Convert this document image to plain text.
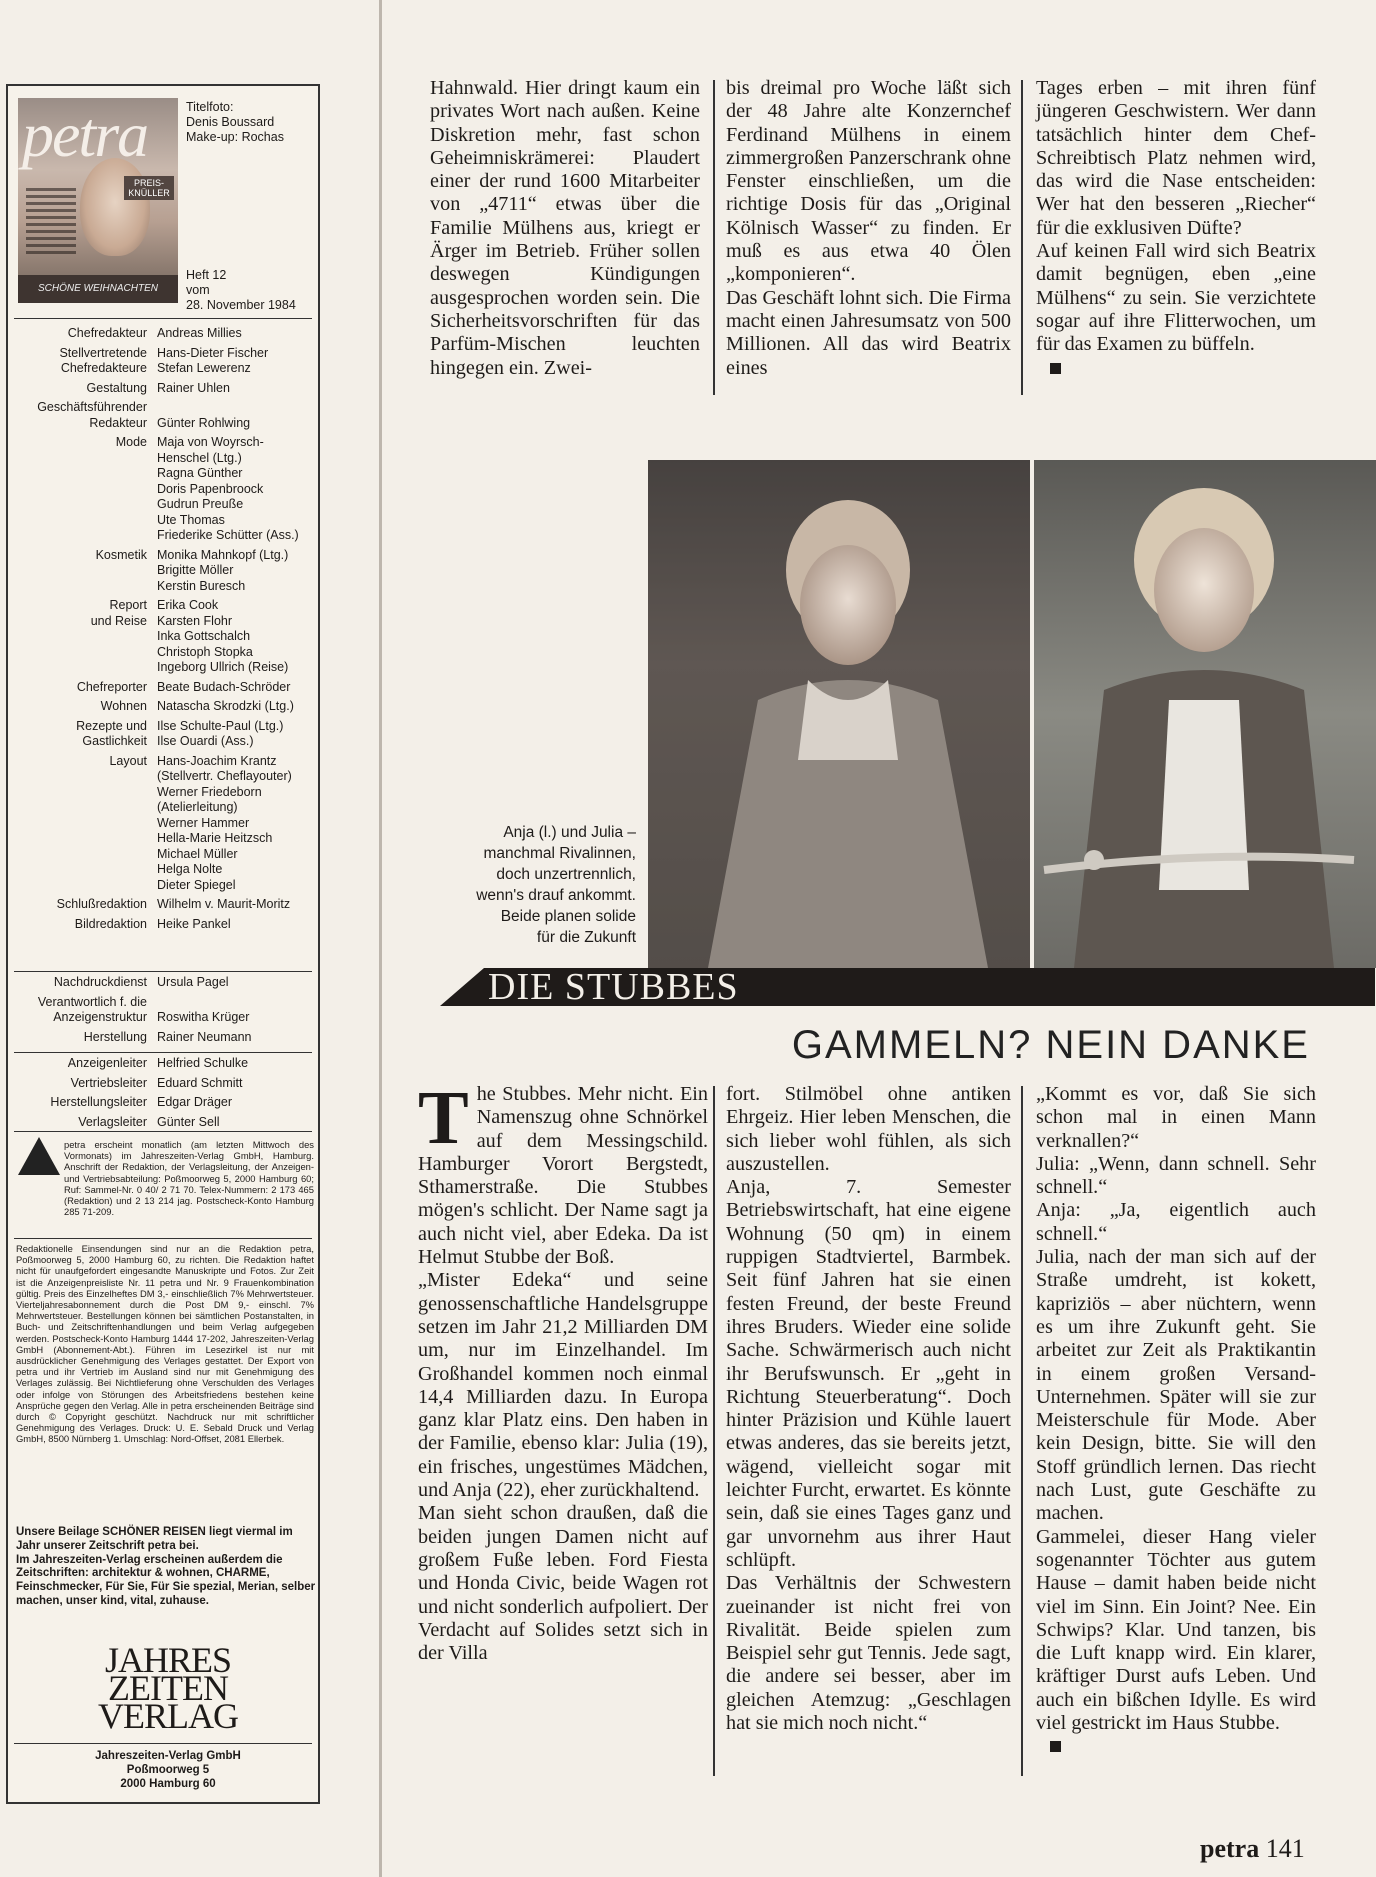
petra
PREIS-KNÜLLER
SCHÖNE WEIHNACHTEN
Titelfoto:
Denis Boussard
Make-up: Rochas
Heft 12
vom
28. November 1984
Chefredakteur Andreas Millies
Stellvertretende
Chefredakteure
Hans-Dieter Fischer
Stefan Lewerenz
Gestaltung Rainer Uhlen
Geschäftsführender
Redakteur Günter Rohlwing
Mode Maja von Woyrsch-
Henschel (Ltg.)
Ragna Günther
Doris Papenbroock
Gudrun Preuße
Ute Thomas
Friederike Schütter (Ass.)
Kosmetik Monika Mahnkopf (Ltg.)
Brigitte Möller
Kerstin Buresch
Report
und Reise
Erika Cook
Karsten Flohr
Inka Gottschalch
Christoph Stopka
Ingeborg Ullrich (Reise)
Chefreporter Beate Budach-Schröder
Wohnen Natascha Skrodzki (Ltg.)
Rezepte und
Gastlichkeit
Ilse Schulte-Paul (Ltg.)
Ilse Ouardi (Ass.)
Layout Hans-Joachim Krantz
(Stellvertr. Cheflayouter)
Werner Friedeborn
(Atelierleitung)
Werner Hammer
Hella-Marie Heitzsch
Michael Müller
Helga Nolte
Dieter Spiegel
Schlußredaktion Wilhelm v. Maurit-Moritz
Bildredaktion Heike Pankel
Nachdruckdienst Ursula Pagel
Verantwortlich f. die
Anzeigenstruktur Roswitha Krüger
Herstellung Rainer Neumann
Anzeigenleiter Helfried Schulke
Vertriebsleiter Eduard Schmitt
Herstellungsleiter Edgar Dräger
Verlagsleiter Günter Sell
petra erscheint monatlich (am letzten Mittwoch des Vormonats) im Jahreszeiten-Verlag GmbH, Hamburg. Anschrift der Redaktion, der Verlagsleitung, der Anzeigen- und Vertriebsabteilung: Poßmoorweg 5, 2000 Hamburg 60; Ruf: Sammel-Nr. 0 40/ 2 71 70. Telex-Nummern: 2 173 465 (Redaktion) und 2 13 214 jag. Postscheck-Konto Hamburg 285 71-209.
Redaktionelle Einsendungen sind nur an die Redaktion petra, Poßmoorweg 5, 2000 Hamburg 60, zu richten. Die Redaktion haftet nicht für unaufgefordert eingesandte Manuskripte und Fotos. Zur Zeit ist die Anzeigenpreisliste Nr. 11 petra und Nr. 9 Frauenkombination gültig. Preis des Einzelheftes DM 3,- einschließlich 7% Mehrwertsteuer. Vierteljahresabonnement durch die Post DM 9,- einschl. 7% Mehrwertsteuer. Bestellungen können bei sämtlichen Postanstalten, in Buch- und Zeitschriftenhandlungen und beim Verlag aufgegeben werden. Postscheck-Konto Hamburg 1444 17-202, Jahreszeiten-Verlag GmbH (Abonnement-Abt.). Führen im Lesezirkel ist nur mit ausdrücklicher Genehmigung des Verlages gestattet. Der Export von petra und ihr Vertrieb im Ausland sind nur mit Genehmigung des Verlages zulässig. Bei Nichtlieferung ohne Verschulden des Verlages oder infolge von Störungen des Arbeitsfriedens bestehen keine Ansprüche gegen den Verlag. Alle in petra erscheinenden Beiträge sind durch © Copyright geschützt. Nachdruck nur mit schriftlicher Genehmigung des Verlages. Druck: U. E. Sebald Druck und Verlag GmbH, 8500 Nürnberg 1. Umschlag: Nord-Offset, 2081 Ellerbek.
Unsere Beilage SCHÖNER REISEN liegt viermal im Jahr unserer Zeitschrift petra bei.
Im Jahreszeiten-Verlag erscheinen außerdem die Zeitschriften: architektur & wohnen, CHARME, Feinschmecker, Für Sie, Für Sie spezial, Merian, selber machen, unser kind, vital, zuhause.
JAHRES
ZEITEN
VERLAG
Jahreszeiten-Verlag GmbH
Poßmoorweg 5
2000 Hamburg 60

Hahnwald. Hier dringt kaum ein privates Wort nach außen. Keine Diskretion mehr, fast schon Geheimniskrämerei: Plaudert einer der rund 1600 Mitarbeiter von „4711“ etwas über die Familie Mülhens aus, kriegt er Ärger im Betrieb. Früher sollen deswegen Kündigungen ausgesprochen worden sein. Die Sicherheitsvorschriften für das Parfüm-Mischen leuchten hingegen ein. Zwei-

bis dreimal pro Woche läßt sich der 48 Jahre alte Konzernchef Ferdinand Mülhens in einem zimmergroßen Panzerschrank ohne Fenster einschließen, um die richtige Dosis für das „Original Kölnisch Wasser“ zu finden. Er muß es aus etwa 40 Ölen „komponieren“.
Das Geschäft lohnt sich. Die Firma macht einen Jahresumsatz von 500 Millionen. All das wird Beatrix eines

Tages erben – mit ihren fünf jüngeren Geschwistern. Wer dann tatsächlich hinter dem Chef-Schreibtisch Platz nehmen wird, das wird die Nase entscheiden: Wer hat den besseren „Riecher“ für die exklusiven Düfte?
Auf keinen Fall wird sich Beatrix damit begnügen, eben „eine Mülhens“ zu sein. Sie verzichtete sogar auf ihre Flitterwochen, um für das Examen zu büffeln.

Anja (l.) und Julia –
manchmal Rivalinnen,
doch unzertrennlich,
wenn's drauf ankommt.
Beide planen solide
für die Zukunft
DIE STUBBES
GAMMELN? NEIN DANKE
The Stubbes. Mehr nicht. Ein Namenszug ohne Schnörkel auf dem Messingschild. Hamburger Vorort Bergstedt, Sthamerstraße. Die Stubbes mögen's schlicht. Der Name sagt ja auch nicht viel, aber Edeka. Da ist Helmut Stubbe der Boß.
„Mister Edeka“ und seine genossenschaftliche Handelsgruppe setzen im Jahr 21,2 Milliarden DM um, nur im Einzelhandel. Im Großhandel kommen noch einmal 14,4 Milliarden dazu. In Europa ganz klar Platz eins. Den haben in der Familie, ebenso klar: Julia (19), ein frisches, ungestümes Mädchen, und Anja (22), eher zurückhaltend.
Man sieht schon draußen, daß die beiden jungen Damen nicht auf großem Fuße leben. Ford Fiesta und Honda Civic, beide Wagen rot und nicht sonderlich aufpoliert. Der Verdacht auf Solides setzt sich in der Villa

fort. Stilmöbel ohne antiken Ehrgeiz. Hier leben Menschen, die sich lieber wohl fühlen, als sich auszustellen.
Anja, 7. Semester Betriebswirtschaft, hat eine eigene Wohnung (50 qm) in einem ruppigen Stadtviertel, Barmbek. Seit fünf Jahren hat sie einen festen Freund, der beste Freund ihres Bruders. Wieder eine solide Sache. Schwärmerisch auch nicht ihr Berufswunsch. Er „geht in Richtung Steuerberatung“. Doch hinter Präzision und Kühle lauert etwas anderes, das sie bereits jetzt, wägend, vielleicht sogar mit leichter Furcht, erwartet. Es könnte sein, daß sie eines Tages ganz und gar unvornehm aus ihrer Haut schlüpft.
Das Verhältnis der Schwestern zueinander ist nicht frei von Rivalität. Beide spielen zum Beispiel sehr gut Tennis. Jede sagt, die andere sei besser, aber im gleichen Atemzug: „Geschlagen hat sie mich noch nicht.“

„Kommt es vor, daß Sie sich schon mal in einen Mann verknallen?“
Julia: „Wenn, dann schnell. Sehr schnell.“
Anja: „Ja, eigentlich auch schnell.“
Julia, nach der man sich auf der Straße umdreht, ist kokett, kapriziös – aber nüchtern, wenn es um ihre Zukunft geht. Sie arbeitet zur Zeit als Praktikantin in einem großen Versand-Unternehmen. Später will sie zur Meisterschule für Mode. Aber kein Design, bitte. Sie will den Stoff gründlich lernen. Das riecht nach Lust, gute Geschäfte zu machen.
Gammelei, dieser Hang vieler sogenannter Töchter aus gutem Hause – damit haben beide nicht viel im Sinn. Ein Joint? Nee. Ein Schwips? Klar. Und tanzen, bis die Luft knapp wird. Ein klarer, kräftiger Durst aufs Leben. Und auch ein bißchen Idylle. Es wird viel gestrickt im Haus Stubbe.

petra 141
